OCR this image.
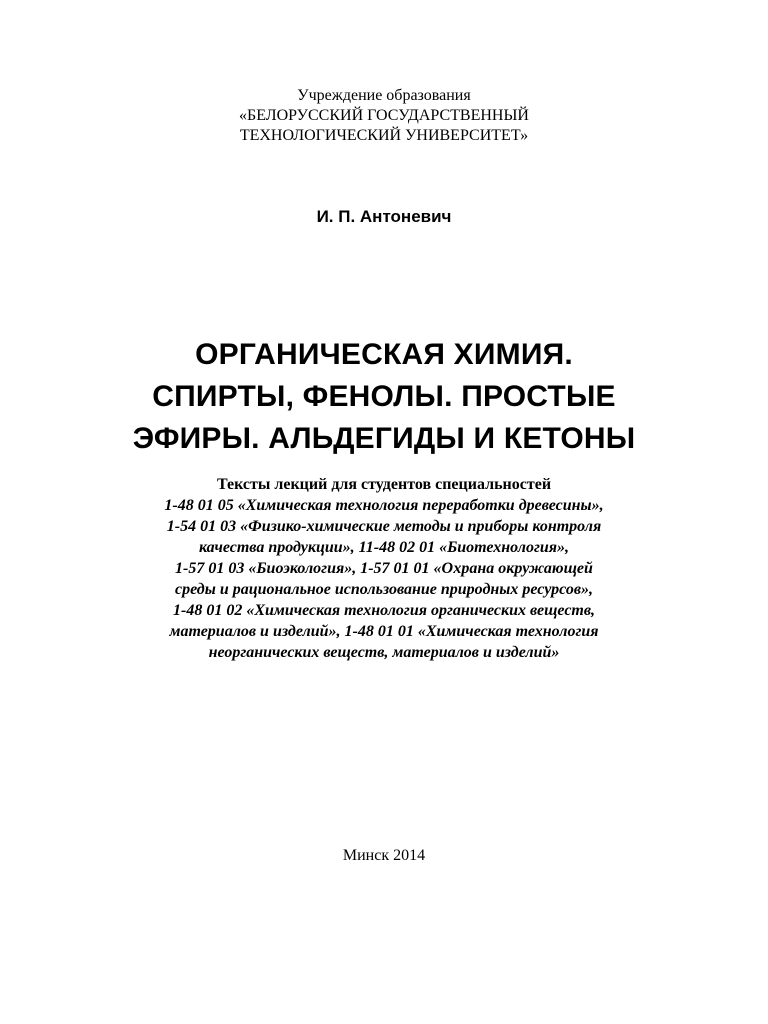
Учреждение образования
«БЕЛОРУССКИЙ ГОСУДАРСТВЕННЫЙ
ТЕХНОЛОГИЧЕСКИЙ УНИВЕРСИТЕТ»
И. П. Антоневич
ОРГАНИЧЕСКАЯ ХИМИЯ.
СПИРТЫ, ФЕНОЛЫ. ПРОСТЫЕ
ЭФИРЫ. АЛЬДЕГИДЫ И КЕТОНЫ
Тексты лекций для студентов специальностей
1-48 01 05 «Химическая технология переработки древесины»,
1-54 01 03 «Физико-химические методы и приборы контроля
качества продукции», 11-48 02 01 «Биотехнология»,
1-57 01 03 «Биоэкология», 1-57 01 01 «Охрана окружающей
среды и рациональное использование природных ресурсов»,
1-48 01 02 «Химическая технология органических веществ,
материалов и изделий», 1-48 01 01 «Химическая технология
неорганических веществ, материалов и изделий»
Минск 2014
